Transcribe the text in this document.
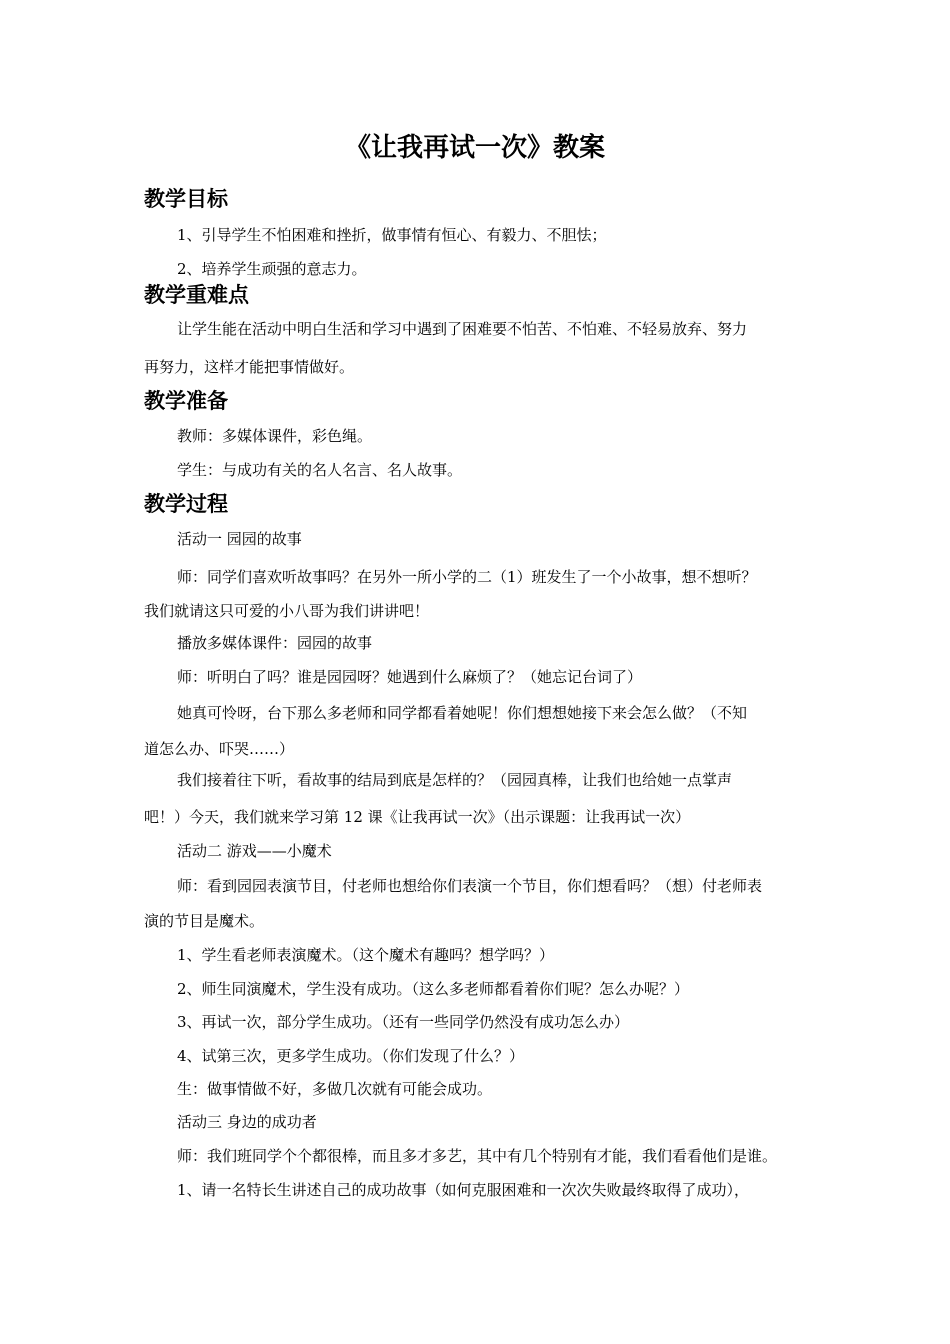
《让我再试一次》教案
教学目标

1、引导学生不怕困难和挫折，做事情有恒心、有毅力、不胆怯；

2、培养学生顽强的意志力。

教学重难点

让学生能在活动中明白生活和学习中遇到了困难要不怕苦、不怕难、不轻易放弃、努力

再努力，这样才能把事情做好。

教学准备

教师：多媒体课件，彩色绳。

学生：与成功有关的名人名言、名人故事。

教学过程

活动一 园园的故事

师：同学们喜欢听故事吗？在另外一所小学的二（1）班发生了一个小故事，想不想听？

我们就请这只可爱的小八哥为我们讲讲吧！

播放多媒体课件：园园的故事

师：听明白了吗？谁是园园呀？她遇到什么麻烦了？（她忘记台词了）

她真可怜呀，台下那么多老师和同学都看着她呢！你们想想她接下来会怎么做？（不知

道怎么办、吓哭……）

我们接着往下听，看故事的结局到底是怎样的？（园园真棒，让我们也给她一点掌声

吧！）今天，我们就来学习第 12 课《让我再试一次》（出示课题：让我再试一次）

活动二 游戏——小魔术

师：看到园园表演节目，付老师也想给你们表演一个节目，你们想看吗？（想）付老师表

演的节目是魔术。

1、学生看老师表演魔术。（这个魔术有趣吗？想学吗？）

2、师生同演魔术，学生没有成功。（这么多老师都看着你们呢？怎么办呢？）

3、再试一次，部分学生成功。（还有一些同学仍然没有成功怎么办）

4、试第三次，更多学生成功。（你们发现了什么？）

生：做事情做不好，多做几次就有可能会成功。

活动三 身边的成功者

师：我们班同学个个都很棒，而且多才多艺，其中有几个特别有才能，我们看看他们是谁。

1、请一名特长生讲述自己的成功故事（如何克服困难和一次次失败最终取得了成功），
